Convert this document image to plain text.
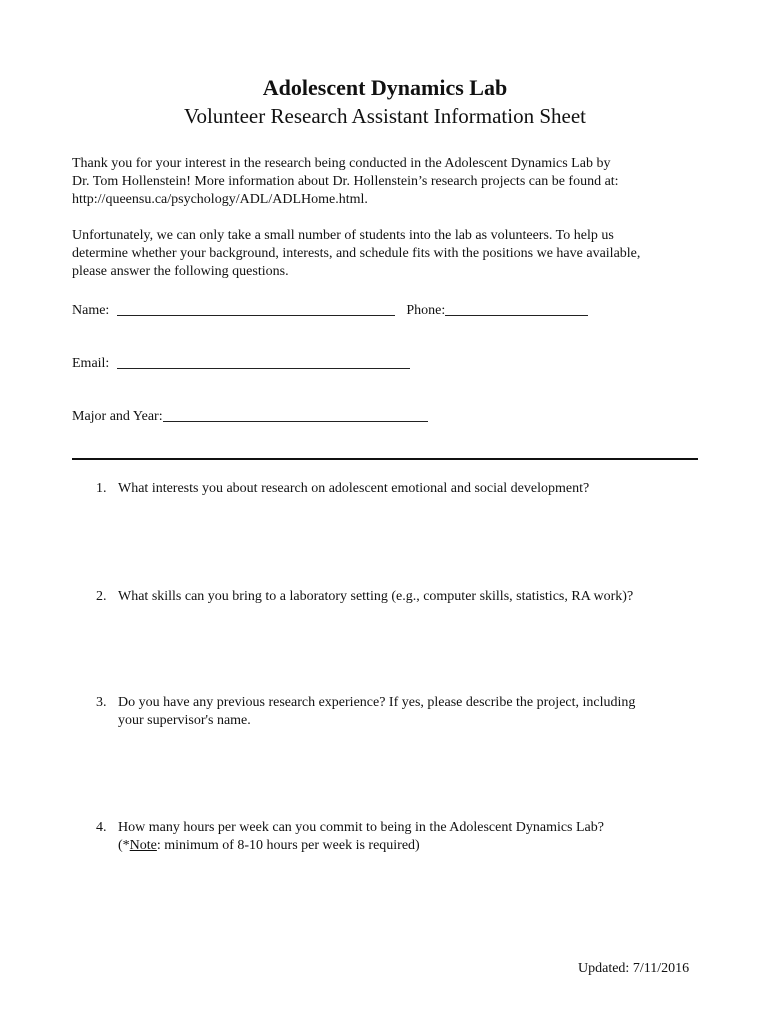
Adolescent Dynamics Lab
Volunteer Research Assistant Information Sheet
Thank you for your interest in the research being conducted in the Adolescent Dynamics Lab by
Dr. Tom Hollenstein! More information about Dr. Hollenstein’s research projects can be found at:
http://queensu.ca/psychology/ADL/ADLHome.html.
Unfortunately, we can only take a small number of students into the lab as volunteers. To help us
determine whether your background, interests, and schedule fits with the positions we have available,
please answer the following questions.
Name:	Phone:
Email:
Major and Year:
1. What interests you about research on adolescent emotional and social development?
2. What skills can you bring to a laboratory setting (e.g., computer skills, statistics, RA work)?
3. Do you have any previous research experience? If yes, please describe the project, including
your supervisor's name.
4. How many hours per week can you commit to being in the Adolescent Dynamics Lab?
(*Note: minimum of 8-10 hours per week is required)
Updated: 7/11/2016
